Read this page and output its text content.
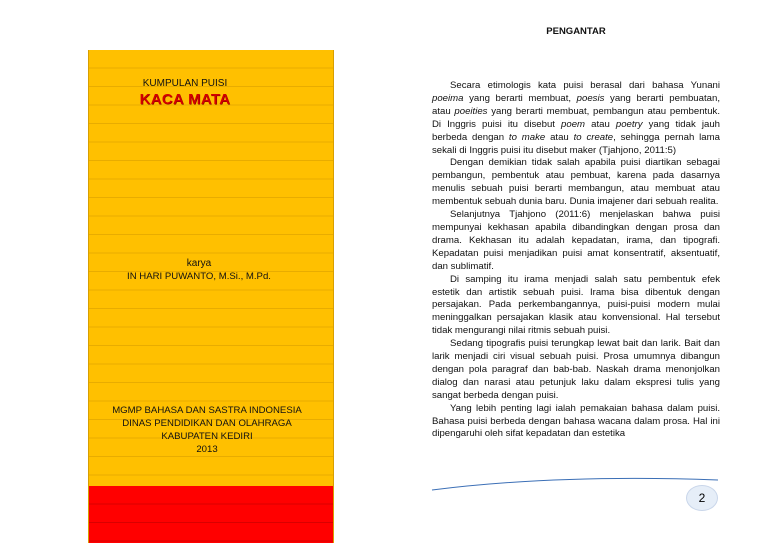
KUMPULAN PUISI
KACA MATA
karya
IN HARI PUWANTO, M.Si., M.Pd.
MGMP BAHASA DAN SASTRA INDONESIA
DINAS PENDIDIKAN DAN OLAHRAGA
KABUPATEN KEDIRI
2013
PENGANTAR

Secara etimologis kata puisi berasal dari bahasa Yunani poeima yang berarti membuat, poesis yang berarti pembuatan, atau poeities yang berarti membuat, pembangun atau pembentuk. Di Inggris puisi itu disebut poem atau poetry yang tidak jauh berbeda dengan to make atau to create, sehingga pernah lama sekali di Inggris puisi itu disebut maker (Tjahjono, 2011:5)

Dengan demikian tidak salah apabila puisi diartikan sebagai pembangun, pembentuk atau pembuat, karena pada dasarnya menulis sebuah puisi berarti membangun, atau membuat atau membentuk sebuah dunia baru. Dunia imajener dari sebuah realita.

Selanjutnya Tjahjono (2011:6) menjelaskan bahwa puisi mempunyai kekhasan apabila dibandingkan dengan prosa dan drama. Kekhasan itu adalah kepadatan, irama, dan tipografi. Kepadatan puisi menjadikan puisi amat konsentratif, aksentuatif, dan sublimatif.

Di samping itu irama menjadi salah satu pembentuk efek estetik dan artistik sebuah puisi. Irama bisa dibentuk dengan persajakan. Pada perkembangannya, puisi-puisi modern mulai meninggalkan persajakan klasik atau konvensional. Hal tersebut tidak mengurangi nilai ritmis sebuah puisi.

Sedang tipografis puisi terungkap lewat bait dan larik. Bait dan larik menjadi ciri visual sebuah puisi. Prosa umumnya dibangun dengan pola paragraf dan bab-bab. Naskah drama menonjolkan dialog dan narasi atau petunjuk laku dalam ekspresi tulis yang sangat berbeda dengan puisi.

Yang lebih penting lagi ialah pemakaian bahasa dalam puisi. Bahasa puisi berbeda dengan bahasa wacana dalam prosa. Hal ini dipengaruhi oleh sifat kepadatan dan estetika

2
